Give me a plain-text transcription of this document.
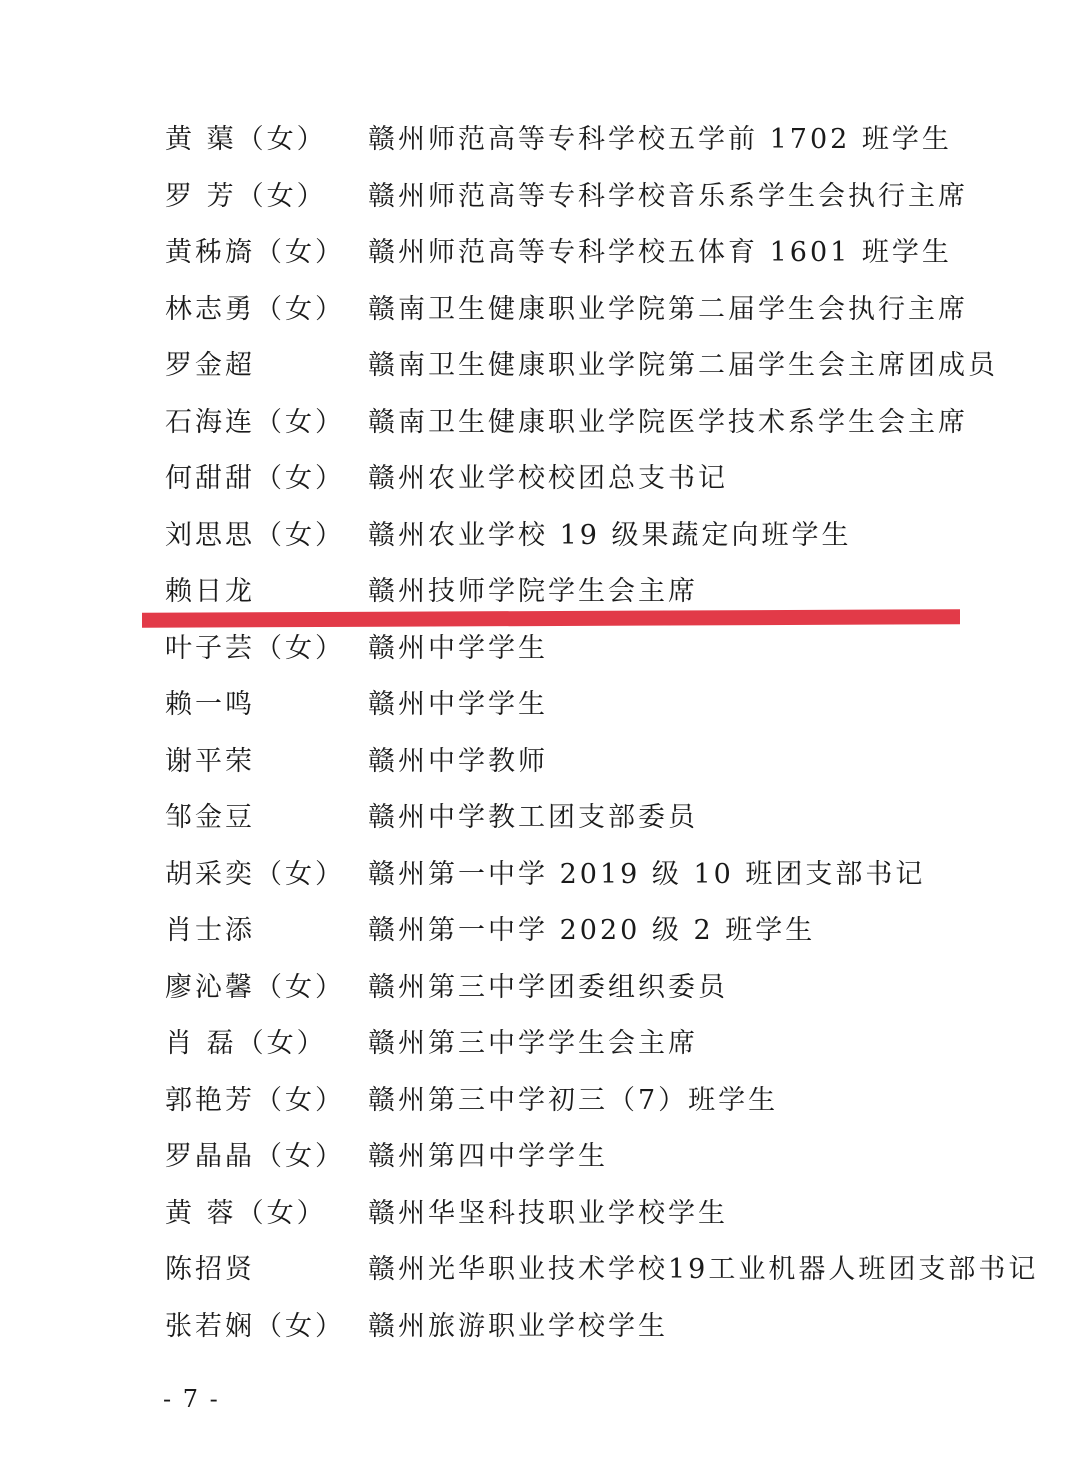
黄 蕖（女）	赣州师范高等专科学校五学前 1702 班学生
罗 芳（女）	赣州师范高等专科学校音乐系学生会执行主席
黄秭旖（女） 赣州师范高等专科学校五体育 1601 班学生
林志勇（女） 赣南卫生健康职业学院第二届学生会执行主席
罗金超	赣南卫生健康职业学院第二届学生会主席团成员
石海连（女） 赣南卫生健康职业学院医学技术系学生会主席
何甜甜（女） 赣州农业学校校团总支书记
刘思思（女） 赣州农业学校 19 级果蔬定向班学生
赖日龙	赣州技师学院学生会主席
叶子芸（女） 赣州中学学生
赖一鸣	赣州中学学生
谢平荣	赣州中学教师
邹金豆	赣州中学教工团支部委员
胡采奕（女） 赣州第一中学 2019 级 10 班团支部书记
肖士添	赣州第一中学 2020 级 2 班学生
廖沁馨（女） 赣州第三中学团委组织委员
肖 磊（女）	赣州第三中学学生会主席
郭艳芳（女） 赣州第三中学初三（7）班学生
罗晶晶（女） 赣州第四中学学生
黄 蓉（女）	赣州华坚科技职业学校学生
陈招贤	赣州光华职业技术学校19工业机器人班团支部书记
张若娴（女） 赣州旅游职业学校学生
- 7 -
